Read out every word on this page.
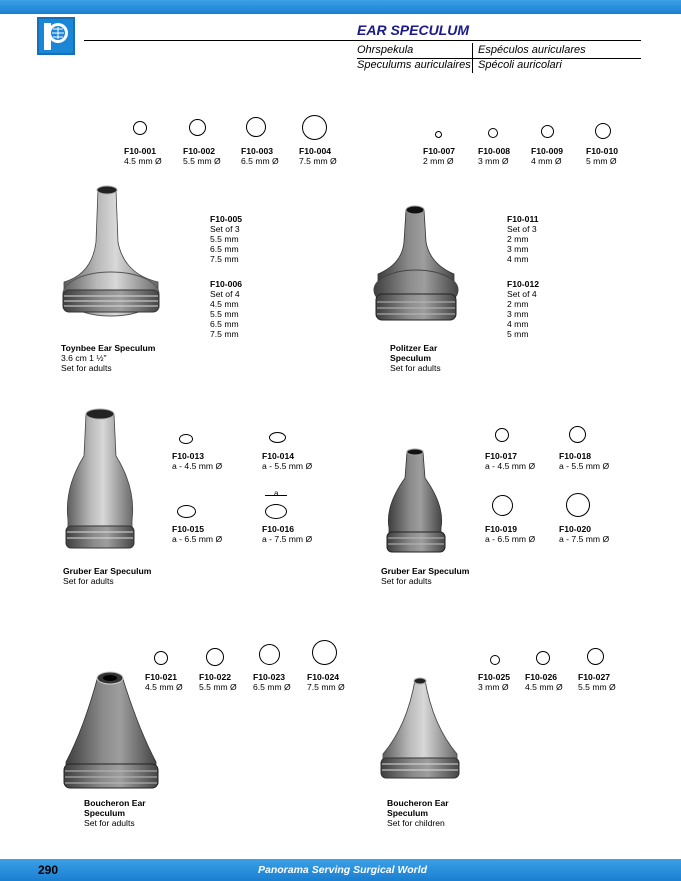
EAR SPECULUM
Ohrspekula	Espéculos auriculares
Speculums auriculaires Spécoli auricolari
F10-001
4.5 mm Ø
F10-002
5.5 mm Ø
F10-003
6.5 mm Ø
F10-004
7.5 mm Ø
F10-005
Set of 3
5.5 mm
6.5 mm
7.5 mm
F10-006
Set of 4
4.5 mm
5.5 mm
6.5 mm
7.5 mm
Toynbee Ear Speculum
3.6 cm 1 ½"
Set for adults
F10-007
2 mm Ø
F10-008
3 mm Ø
F10-009
4 mm Ø
F10-010
5 mm Ø
F10-011
Set of 3
2 mm
3 mm
4 mm
F10-012
Set of 4
2 mm
3 mm
4 mm
5 mm
Politzer Ear
Speculum
Set for adults
a
F10-013
a - 4.5 mm Ø
F10-014
a - 5.5 mm Ø
F10-015
a - 6.5 mm Ø
F10-016
a - 7.5 mm Ø
Gruber Ear Speculum
Set for adults
F10-017
a - 4.5 mm Ø
F10-018
a - 5.5 mm Ø
F10-019
a - 6.5 mm Ø
F10-020
a - 7.5 mm Ø
Gruber Ear Speculum
Set for adults
F10-021
4.5 mm Ø
F10-022
5.5 mm Ø
F10-023
6.5 mm Ø
F10-024
7.5 mm Ø
Boucheron Ear
Speculum
Set for adults
F10-025
3 mm Ø
F10-026
4.5 mm Ø
F10-027
5.5 mm Ø
Boucheron Ear
Speculum
Set for children
290	Panorama Serving Surgical World
